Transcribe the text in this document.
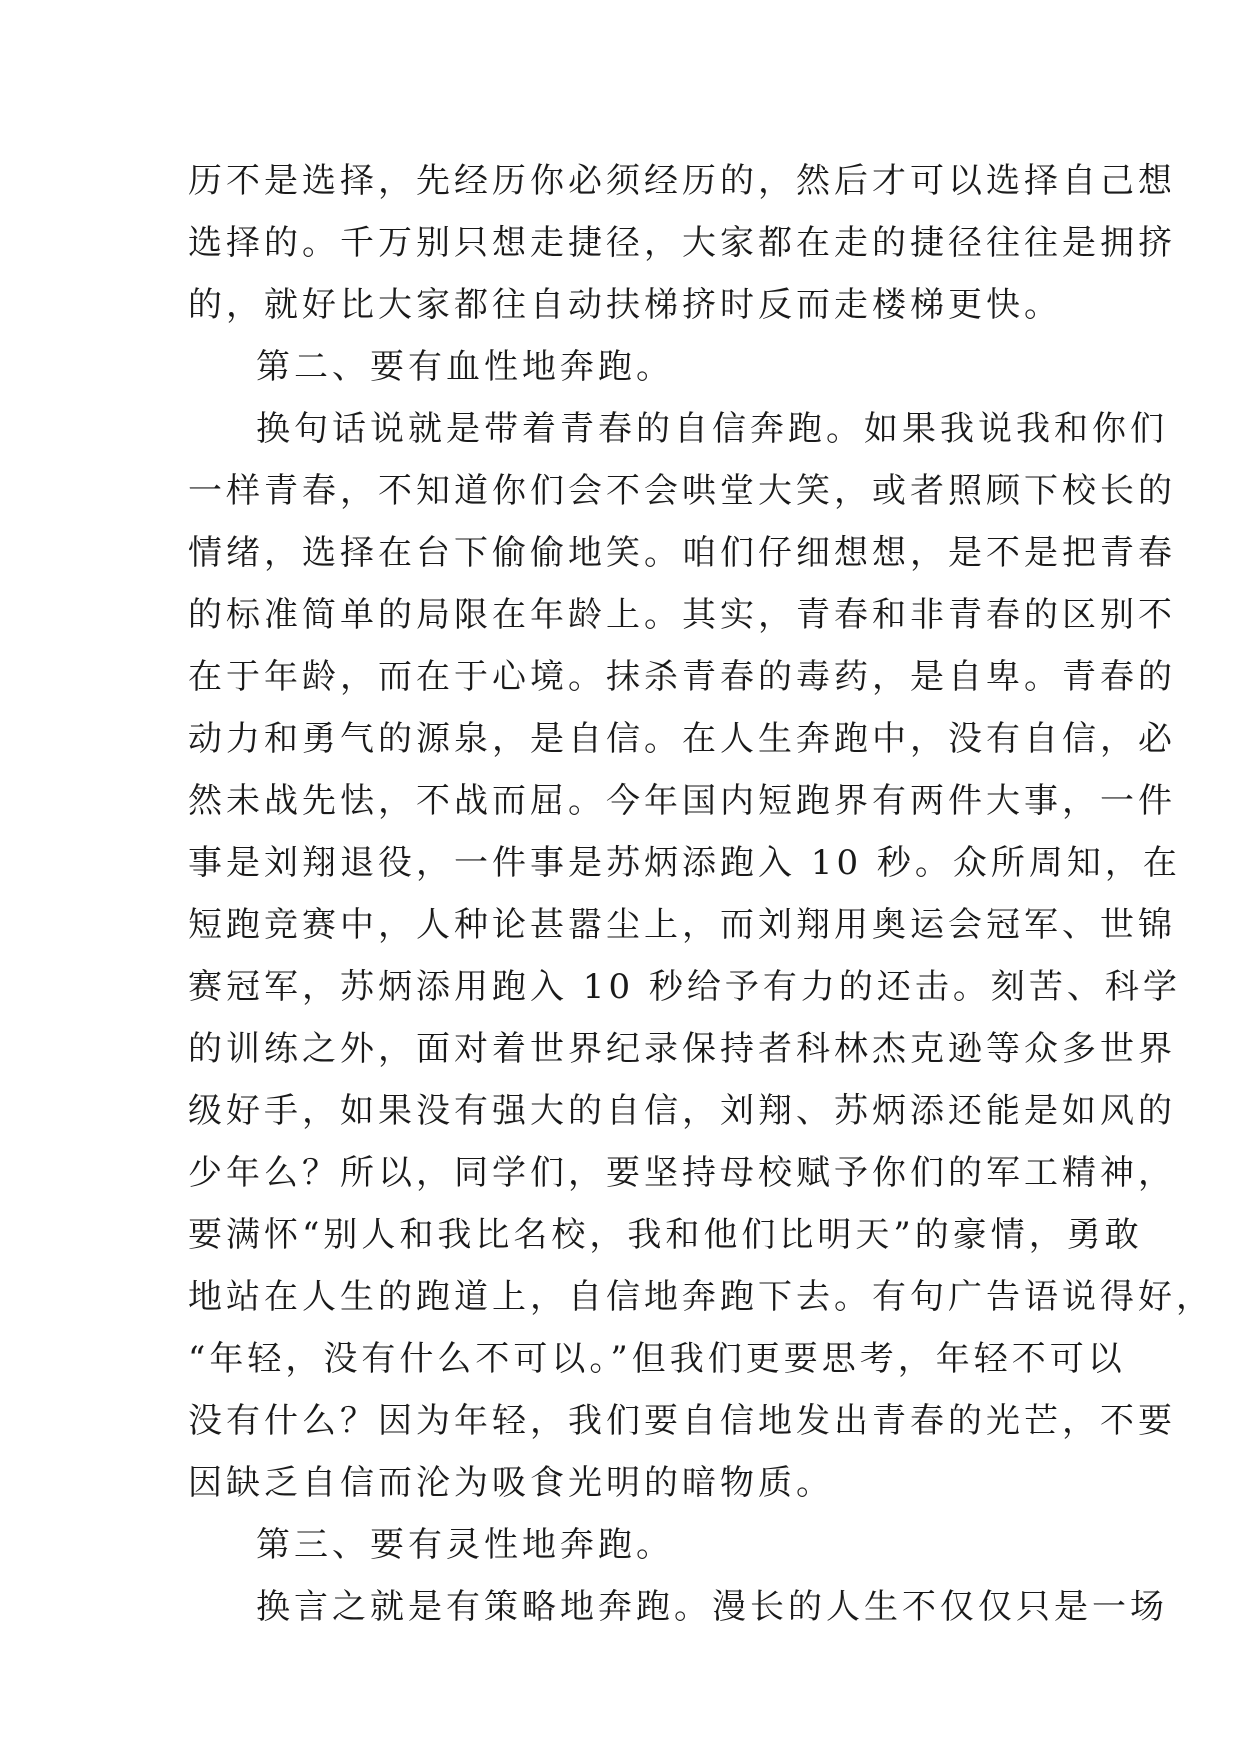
历不是选择，先经历你必须经历的，然后才可以选择自己想
选择的。千万别只想走捷径，大家都在走的捷径往往是拥挤
的，就好比大家都往自动扶梯挤时反而走楼梯更快。
第二、要有血性地奔跑。
换句话说就是带着青春的自信奔跑。如果我说我和你们
一样青春，不知道你们会不会哄堂大笑，或者照顾下校长的
情绪，选择在台下偷偷地笑。咱们仔细想想，是不是把青春
的标准简单的局限在年龄上。其实，青春和非青春的区别不
在于年龄，而在于心境。抹杀青春的毒药，是自卑。青春的
动力和勇气的源泉，是自信。在人生奔跑中，没有自信，必
然未战先怯，不战而屈。今年国内短跑界有两件大事，一件
事是刘翔退役，一件事是苏炳添跑入 10 秒。众所周知，在
短跑竞赛中，人种论甚嚣尘上，而刘翔用奥运会冠军、世锦
赛冠军，苏炳添用跑入 10 秒给予有力的还击。刻苦、科学
的训练之外，面对着世界纪录保持者科林杰克逊等众多世界
级好手，如果没有强大的自信，刘翔、苏炳添还能是如风的
少年么？所以，同学们，要坚持母校赋予你们的军工精神，
要满怀“别人和我比名校，我和他们比明天”的豪情，勇敢
地站在人生的跑道上，自信地奔跑下去。有句广告语说得好，
“年轻，没有什么不可以。”但我们更要思考，年轻不可以
没有什么？因为年轻，我们要自信地发出青春的光芒，不要
因缺乏自信而沦为吸食光明的暗物质。
第三、要有灵性地奔跑。
换言之就是有策略地奔跑。漫长的人生不仅仅只是一场
